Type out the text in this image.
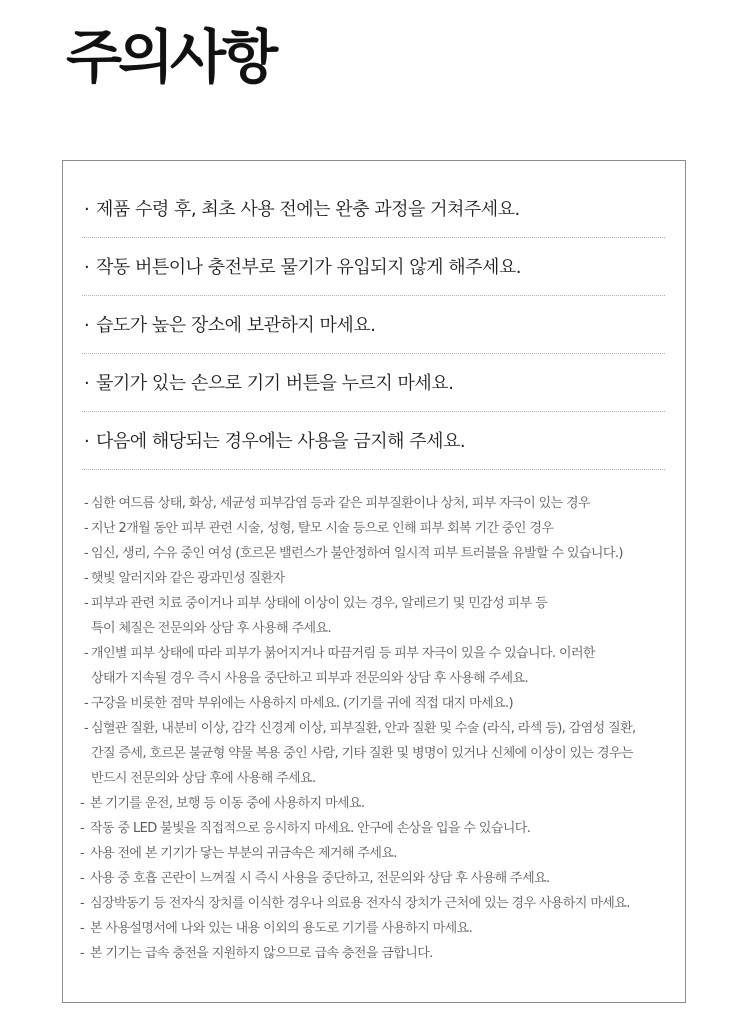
주의사항
· 제품 수령 후, 최초 사용 전에는 완충 과정을 거쳐주세요.
· 작동 버튼이나 충전부로 물기가 유입되지 않게 해주세요.
· 습도가 높은 장소에 보관하지 마세요.
· 물기가 있는 손으로 기기 버튼을 누르지 마세요.
· 다음에 해당되는 경우에는 사용을 금지해 주세요.
- 심한 여드름 상태, 화상, 세균성 피부감염 등과 같은 피부질환이나 상처, 피부 자극이 있는 경우
- 지난 2개월 동안 피부 관련 시술, 성형, 탈모 시술 등으로 인해 피부 회복 기간 중인 경우
- 임신, 생리, 수유 중인 여성 (호르몬 밸런스가 불안정하여 일시적 피부 트러블을 유발할 수 있습니다.)
- 햇빛 알러지와 같은 광과민성 질환자
- 피부과 관련 치료 중이거나 피부 상태에 이상이 있는 경우, 알레르기 및 민감성 피부 등
특이 체질은 전문의와 상담 후 사용해 주세요.
- 개인별 피부 상태에 따라 피부가 붉어지거나 따끔거림 등 피부 자극이 있을 수 있습니다. 이러한
상태가 지속될 경우 즉시 사용을 중단하고 피부과 전문의와 상담 후 사용해 주세요.
- 구강을 비롯한 점막 부위에는 사용하지 마세요. (기기를 귀에 직접 대지 마세요.)
- 심혈관 질환, 내분비 이상, 감각 신경계 이상, 피부질환, 안과 질환 및 수술 (라식, 라섹 등), 감염성 질환,
간질 증세, 호르몬 불균형 약물 복용 중인 사람, 기타 질환 및 병명이 있거나 신체에 이상이 있는 경우는
반드시 전문의와 상담 후에 사용해 주세요.
- 본 기기를 운전, 보행 등 이동 중에 사용하지 마세요.
- 작동 중 LED 불빛을 직접적으로 응시하지 마세요. 안구에 손상을 입을 수 있습니다.
- 사용 전에 본 기기가 닿는 부분의 귀금속은 제거해 주세요.
- 사용 중 호흡 곤란이 느껴질 시 즉시 사용을 중단하고, 전문의와 상담 후 사용해 주세요.
- 심장박동기 등 전자식 장치를 이식한 경우나 의료용 전자식 장치가 근처에 있는 경우 사용하지 마세요.
- 본 사용설명서에 나와 있는 내용 이외의 용도로 기기를 사용하지 마세요.
- 본 기기는 급속 충전을 지원하지 않으므로 급속 충전을 금합니다.
